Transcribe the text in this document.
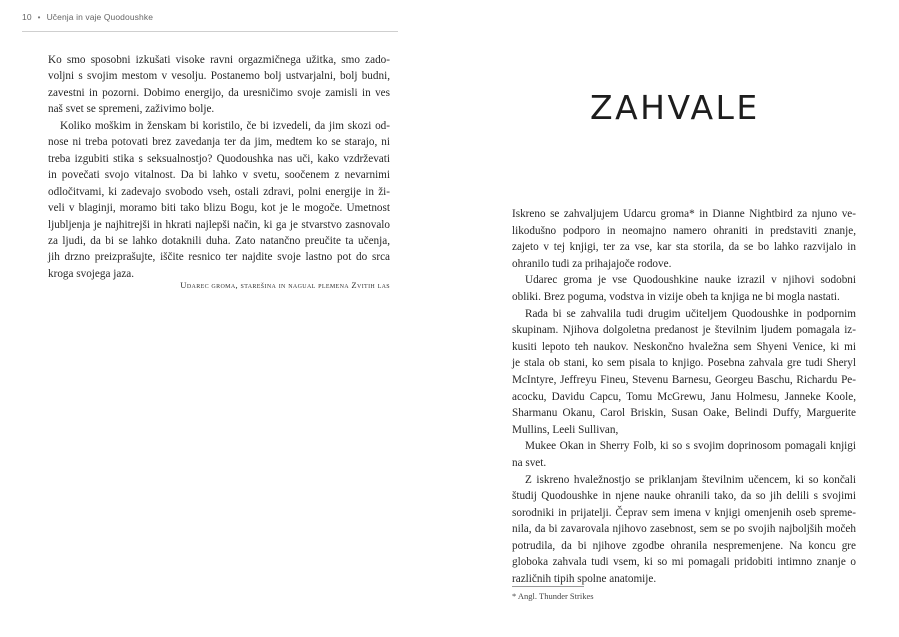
10 • Učenja in vaje Quodoushke

Ko smo sposobni izkušati visoke ravni orgazmičnega užitka, smo zado-
voljni s svojim mestom v vesolju. Postanemo bolj ustvarjalni, bolj budni,
zavestni in pozorni. Dobimo energijo, da uresničimo svoje zamisli in ves
naš svet se spremeni, zaživimo bolje.

Koliko moškim in ženskam bi koristilo, če bi izvedeli, da jim skozi od-
nose ni treba potovati brez zavedanja ter da jim, medtem ko se starajo, ni
treba izgubiti stika s seksualnostjo? Quodoushka nas uči, kako vzdrževati
in povečati svojo vitalnost. Da bi lahko v svetu, soočenem z nevarnimi
odločitvami, ki zadevajo svobodo vseh, ostali zdravi, polni energije in ži-
veli v blaginji, moramo biti tako blizu Bogu, kot je le mogoče. Umetnost
ljubljenja je najhitrejši in hkrati najlepši način, ki ga je stvarstvo zasnovalo
za ljudi, da bi se lahko dotaknili duha. Zato natančno preučite ta učenja,
jih drzno preizprašujte, iščite resnico ter najdite svoje lastno pot do srca
kroga svojega jaza.

Udarec groma, starešina in nagual plemena Zvitih las
ZAHVALE

Iskreno se zahvaljujem Udarcu groma* in Dianne Nightbird za njuno ve-
likodušno podporo in neomajno namero ohraniti in predstaviti znanje,
zajeto v tej knjigi, ter za vse, kar sta storila, da se bo lahko razvijalo in
ohranilo tudi za prihajajoče rodove.

Udarec groma je vse Quodoushkine nauke izrazil v njihovi sodobni
obliki. Brez poguma, vodstva in vizije obeh ta knjiga ne bi mogla nastati.

Rada bi se zahvalila tudi drugim učiteljem Quodoushke in podpornim
skupinam. Njihova dolgoletna predanost je številnim ljudem pomagala iz-
kusiti lepoto teh naukov. Neskončno hvaležna sem Shyeni Venice, ki mi
je stala ob stani, ko sem pisala to knjigo. Posebna zahvala gre tudi Sheryl
McIntyre, Jeffreyu Fineu, Stevenu Barnesu, Georgeu Baschu, Richardu Pe-
acocku, Davidu Capcu, Tomu McGrewu, Janu Holmesu, Janneke Koole,
Sharmanu Okanu, Carol Briskin, Susan Oake, Belindi Duffy, Marguerite
Mullins, Leeli Sullivan,

Mukee Okan in Sherry Folb, ki so s svojim doprinosom pomagali knjigi
na svet.

Z iskreno hvaležnostjo se priklanjam številnim učencem, ki so končali
študij Quodoushke in njene nauke ohranili tako, da so jih delili s svojimi
sorodniki in prijatelji. Čeprav sem imena v knjigi omenjenih oseb spreme-
nila, da bi zavarovala njihovo zasebnost, sem se po svojih najboljših močeh
potrudila, da bi njihove zgodbe ohranila nespremenjene. Na koncu gre
globoka zahvala tudi vsem, ki so mi pomagali pridobiti intimno znanje o
različnih tipih spolne anatomije.

* Angl. Thunder Strikes
